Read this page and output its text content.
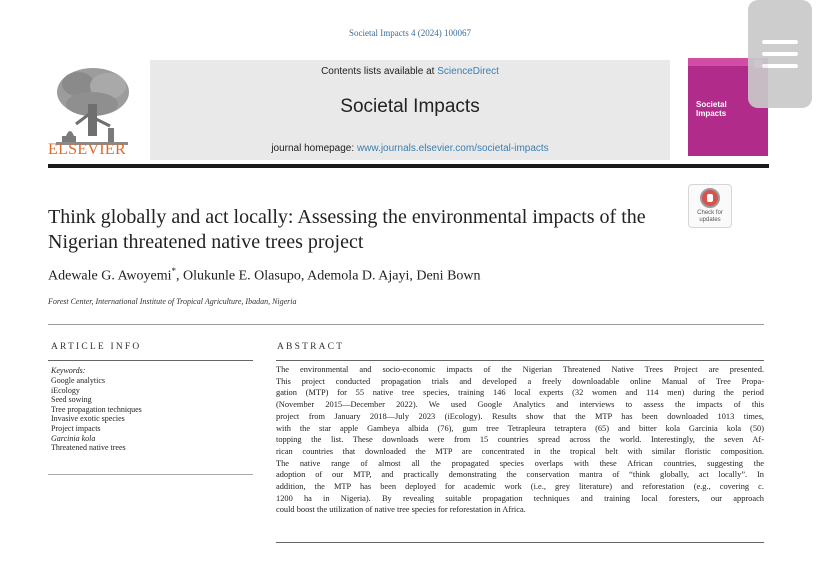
Societal Impacts 4 (2024) 100067
ELSEVIER
Contents lists available at ScienceDirect
Societal Impacts
journal homepage: www.journals.elsevier.com/societal-impacts
Societal
Impacts
Check for
updates
Think globally and act locally: Assessing the environmental impacts of the Nigerian threatened native trees project
Adewale G. Awoyemi*, Olukunle E. Olasupo, Ademola D. Ajayi, Deni Bown
Forest Center, International Institute of Tropical Agriculture, Ibadan, Nigeria
ARTICLE INFO
Keywords:
Google analytics
iEcology
Seed sowing
Tree propagation techniques
Invasive exotic species
Project impacts
Garcinia kola
Threatened native trees
ABSTRACT
The environmental and socio-economic impacts of the Nigerian Threatened Native Trees Project are presented.
This project conducted propagation trials and developed a freely downloadable online Manual of Tree Propa-
gation (MTP) for 55 native tree species, training 146 local experts (32 women and 114 men) during the period
(November 2015—December 2022). We used Google Analytics and interviews to assess the impacts of this
project from January 2018—July 2023 (iEcology). Results show that the MTP has been downloaded 1013 times,
with the star apple Gambeya albida (76), gum tree Tetrapleura tetraptera (65) and bitter kola Garcinia kola (50)
topping the list. These downloads were from 15 countries spread across the world. Interestingly, the seven Af-
rican countries that downloaded the MTP are concentrated in the tropical belt with similar floristic composition.
The native range of almost all the propagated species overlaps with these African countries, suggesting the
adoption of our MTP, and practically demonstrating the conservation mantra of “think globally, act locally”. In
addition, the MTP has been deployed for academic work (i.e., grey literature) and reforestation (e.g., covering c.
1200 ha in Nigeria). By revealing suitable propagation techniques and training local foresters, our approach
could boost the utilization of native tree species for reforestation in Africa.
